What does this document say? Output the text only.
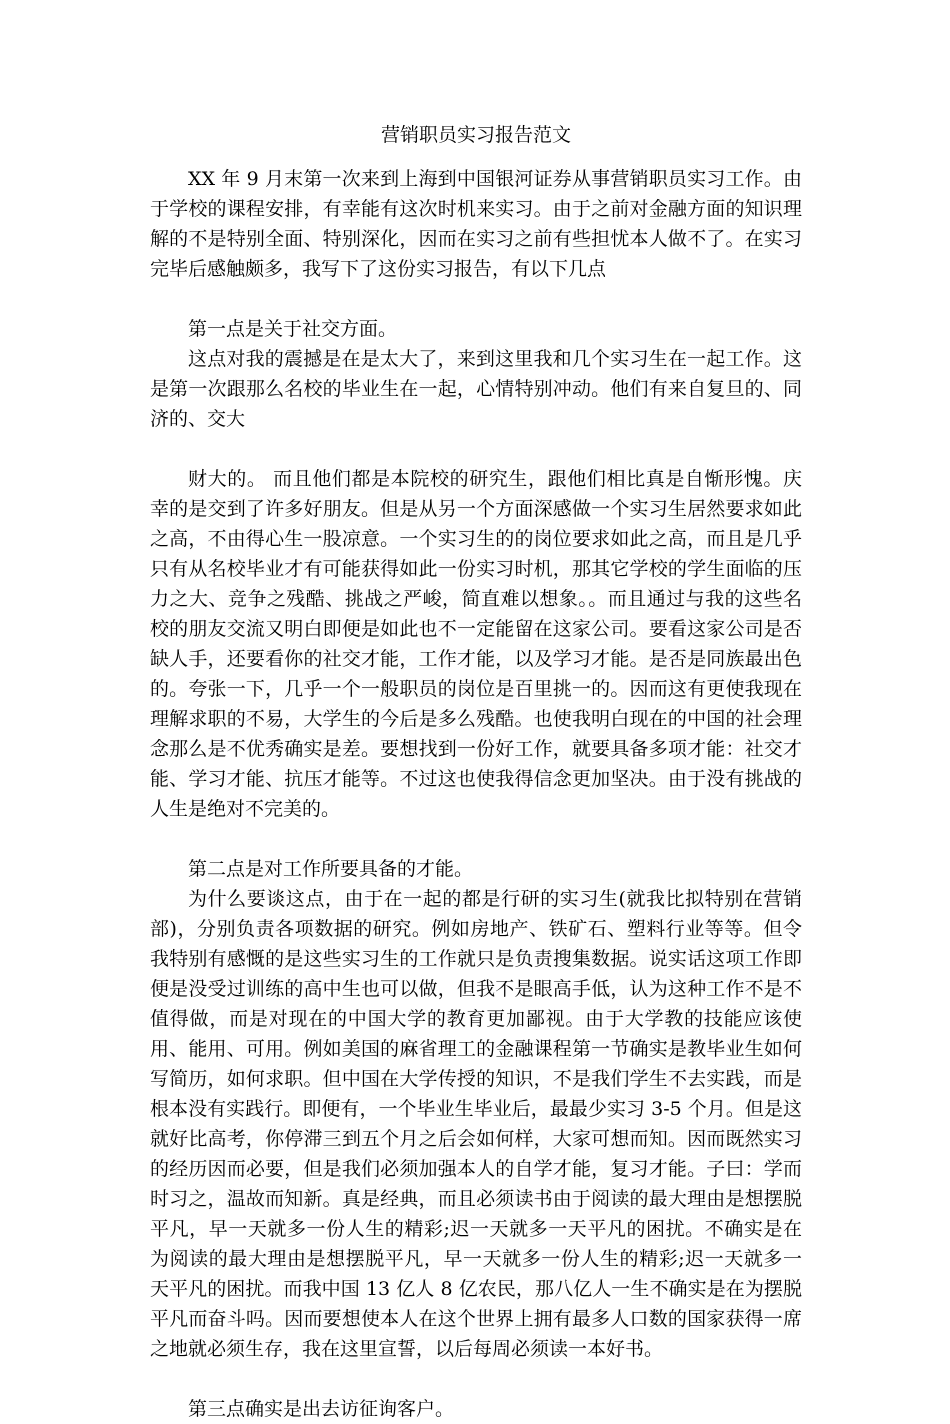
营销职员实习报告范文

XX 年 9 月末第一次来到上海到中国银河证券从事营销职员实习工作。由于学校的课程安排，有幸能有这次时机来实习。由于之前对金融方面的知识理解的不是特别全面、特别深化，因而在实习之前有些担忧本人做不了。在实习完毕后感触颇多，我写下了这份实习报告，有以下几点

第一点是关于社交方面。

这点对我的震撼是在是太大了，来到这里我和几个实习生在一起工作。这是第一次跟那么名校的毕业生在一起，心情特别冲动。他们有来自复旦的、同济的、交大

财大的。 而且他们都是本院校的研究生，跟他们相比真是自惭形愧。庆幸的是交到了许多好朋友。但是从另一个方面深感做一个实习生居然要求如此之高，不由得心生一股凉意。一个实习生的的岗位要求如此之高，而且是几乎只有从名校毕业才有可能获得如此一份实习时机，那其它学校的学生面临的压力之大、竞争之残酷、挑战之严峻，简直难以想象。。而且通过与我的这些名校的朋友交流又明白即便是如此也不一定能留在这家公司。要看这家公司是否缺人手，还要看你的社交才能，工作才能，以及学习才能。是否是同族最出色的。夸张一下，几乎一个一般职员的岗位是百里挑一的。因而这有更使我现在理解求职的不易，大学生的今后是多么残酷。也使我明白现在的中国的社会理念那么是不优秀确实是差。要想找到一份好工作，就要具备多项才能：社交才能、学习才能、抗压才能等。不过这也使我得信念更加坚决。由于没有挑战的人生是绝对不完美的。

第二点是对工作所要具备的才能。

为什么要谈这点，由于在一起的都是行研的实习生(就我比拟特别在营销部)，分别负责各项数据的研究。例如房地产、铁矿石、塑料行业等等。但令我特别有感慨的是这些实习生的工作就只是负责搜集数据。说实话这项工作即便是没受过训练的高中生也可以做，但我不是眼高手低，认为这种工作不是不值得做，而是对现在的中国大学的教育更加鄙视。由于大学教的技能应该使用、能用、可用。例如美国的麻省理工的金融课程第一节确实是教毕业生如何写简历，如何求职。但中国在大学传授的知识，不是我们学生不去实践，而是根本没有实践行。即便有，一个毕业生毕业后，最最少实习 3-5 个月。但是这就好比高考，你停滞三到五个月之后会如何样，大家可想而知。因而既然实习的经历因而必要，但是我们必须加强本人的自学才能，复习才能。子曰：学而时习之，温故而知新。真是经典，而且必须读书由于阅读的最大理由是想摆脱平凡，早一天就多一份人生的精彩;迟一天就多一天平凡的困扰。不确实是在为阅读的最大理由是想摆脱平凡，早一天就多一份人生的精彩;迟一天就多一天平凡的困扰。而我中国 13 亿人 8 亿农民，那八亿人一生不确实是在为摆脱平凡而奋斗吗。因而要想使本人在这个世界上拥有最多人口数的国家获得一席之地就必须生存，我在这里宣誓，以后每周必须读一本好书。

第三点确实是出去访征询客户。
